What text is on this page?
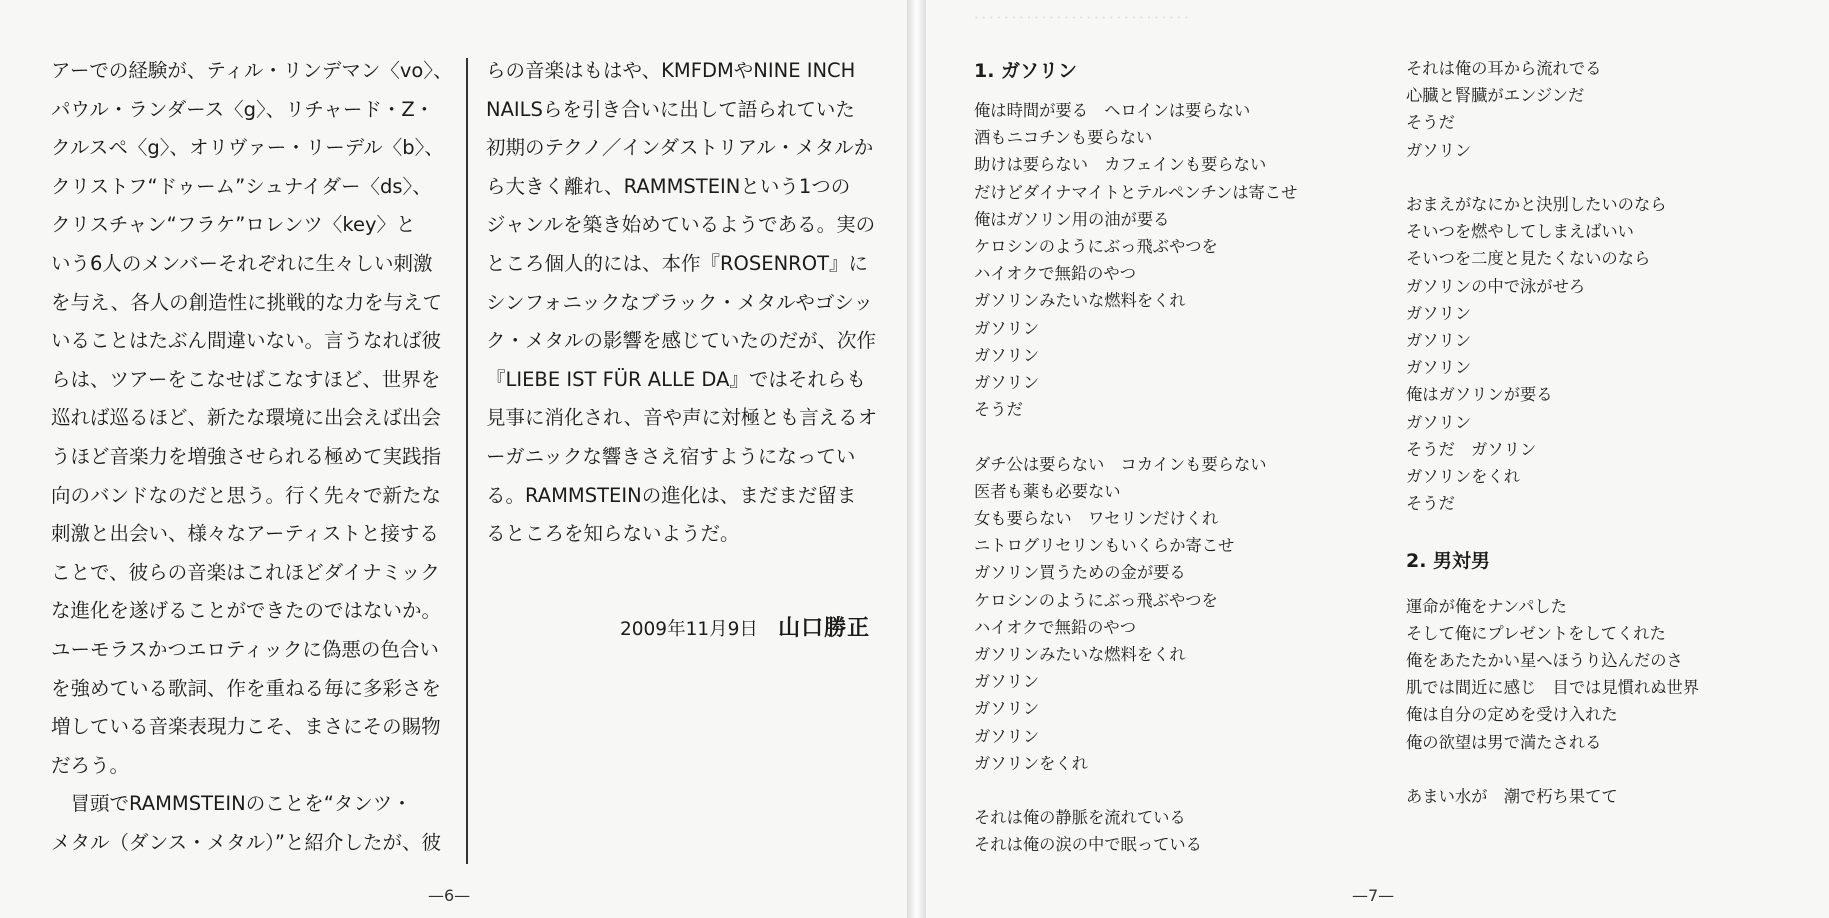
アーでの経験が、ティル・リンデマン〈vo〉、

パウル・ランダース〈g〉、リチャード・Z・

クルスペ〈g〉、オリヴァー・リーデル〈b〉、

クリストフ“ドゥーム”シュナイダー〈ds〉、

クリスチャン“フラケ”ロレンツ〈key〉と

いう6人のメンバーそれぞれに生々しい刺激

を与え、各人の創造性に挑戦的な力を与えて

いることはたぶん間違いない。言うなれば彼

らは、ツアーをこなせばこなすほど、世界を

巡れば巡るほど、新たな環境に出会えば出会

うほど音楽力を増強させられる極めて実践指

向のバンドなのだと思う。行く先々で新たな

刺激と出会い、様々なアーティストと接する

ことで、彼らの音楽はこれほどダイナミック

な進化を遂げることができたのではないか。

ユーモラスかつエロティックに偽悪の色合い

を強めている歌詞、作を重ねる毎に多彩さを

増している音楽表現力こそ、まさにその賜物

だろう。

　冒頭でRAMMSTEINのことを“タンツ・

メタル（ダンス・メタル）”と紹介したが、彼

らの音楽はもはや、KMFDMやNINE INCH

NAILSらを引き合いに出して語られていた

初期のテクノ／インダストリアル・メタルか

ら大きく離れ、RAMMSTEINという1つの

ジャンルを築き始めているようである。実の

ところ個人的には、本作『ROSENROT』に

シンフォニックなブラック・メタルやゴシッ

ク・メタルの影響を感じていたのだが、次作

『LIEBE IST FÜR ALLE DA』ではそれらも

見事に消化され、音や声に対極とも言えるオ

ーガニックな響きさえ宿すようになってい

る。RAMMSTEINの進化は、まだまだ留ま

るところを知らないようだ。

2009年11月9日 山口勝正
—6—
．．．．．．．．．．．．．．．．．．．．．．．．．．．．．

1. ガソリン

俺は時間が要る　ヘロインは要らない

酒もニコチンも要らない

助けは要らない　カフェインも要らない

だけどダイナマイトとテルペンチンは寄こせ

俺はガソリン用の油が要る

ケロシンのようにぶっ飛ぶやつを

ハイオクで無鉛のやつ

ガソリンみたいな燃料をくれ

ガソリン

ガソリン

ガソリン

そうだ

ダチ公は要らない　コカインも要らない

医者も薬も必要ない

女も要らない　ワセリンだけくれ

ニトログリセリンもいくらか寄こせ

ガソリン買うための金が要る

ケロシンのようにぶっ飛ぶやつを

ハイオクで無鉛のやつ

ガソリンみたいな燃料をくれ

ガソリン

ガソリン

ガソリン

ガソリンをくれ

それは俺の静脈を流れている

それは俺の涙の中で眠っている

それは俺の耳から流れでる

心臓と腎臓がエンジンだ

そうだ

ガソリン

おまえがなにかと決別したいのなら

そいつを燃やしてしまえばいい

そいつを二度と見たくないのなら

ガソリンの中で泳がせろ

ガソリン

ガソリン

ガソリン

俺はガソリンが要る

ガソリン

そうだ　ガソリン

ガソリンをくれ

そうだ

2. 男対男

運命が俺をナンパした

そして俺にプレゼントをしてくれた

俺をあたたかい星へほうり込んだのさ

肌では間近に感じ　目では見慣れぬ世界

俺は自分の定めを受け入れた

俺の欲望は男で満たされる

あまい水が　潮で朽ち果てて

—7—
